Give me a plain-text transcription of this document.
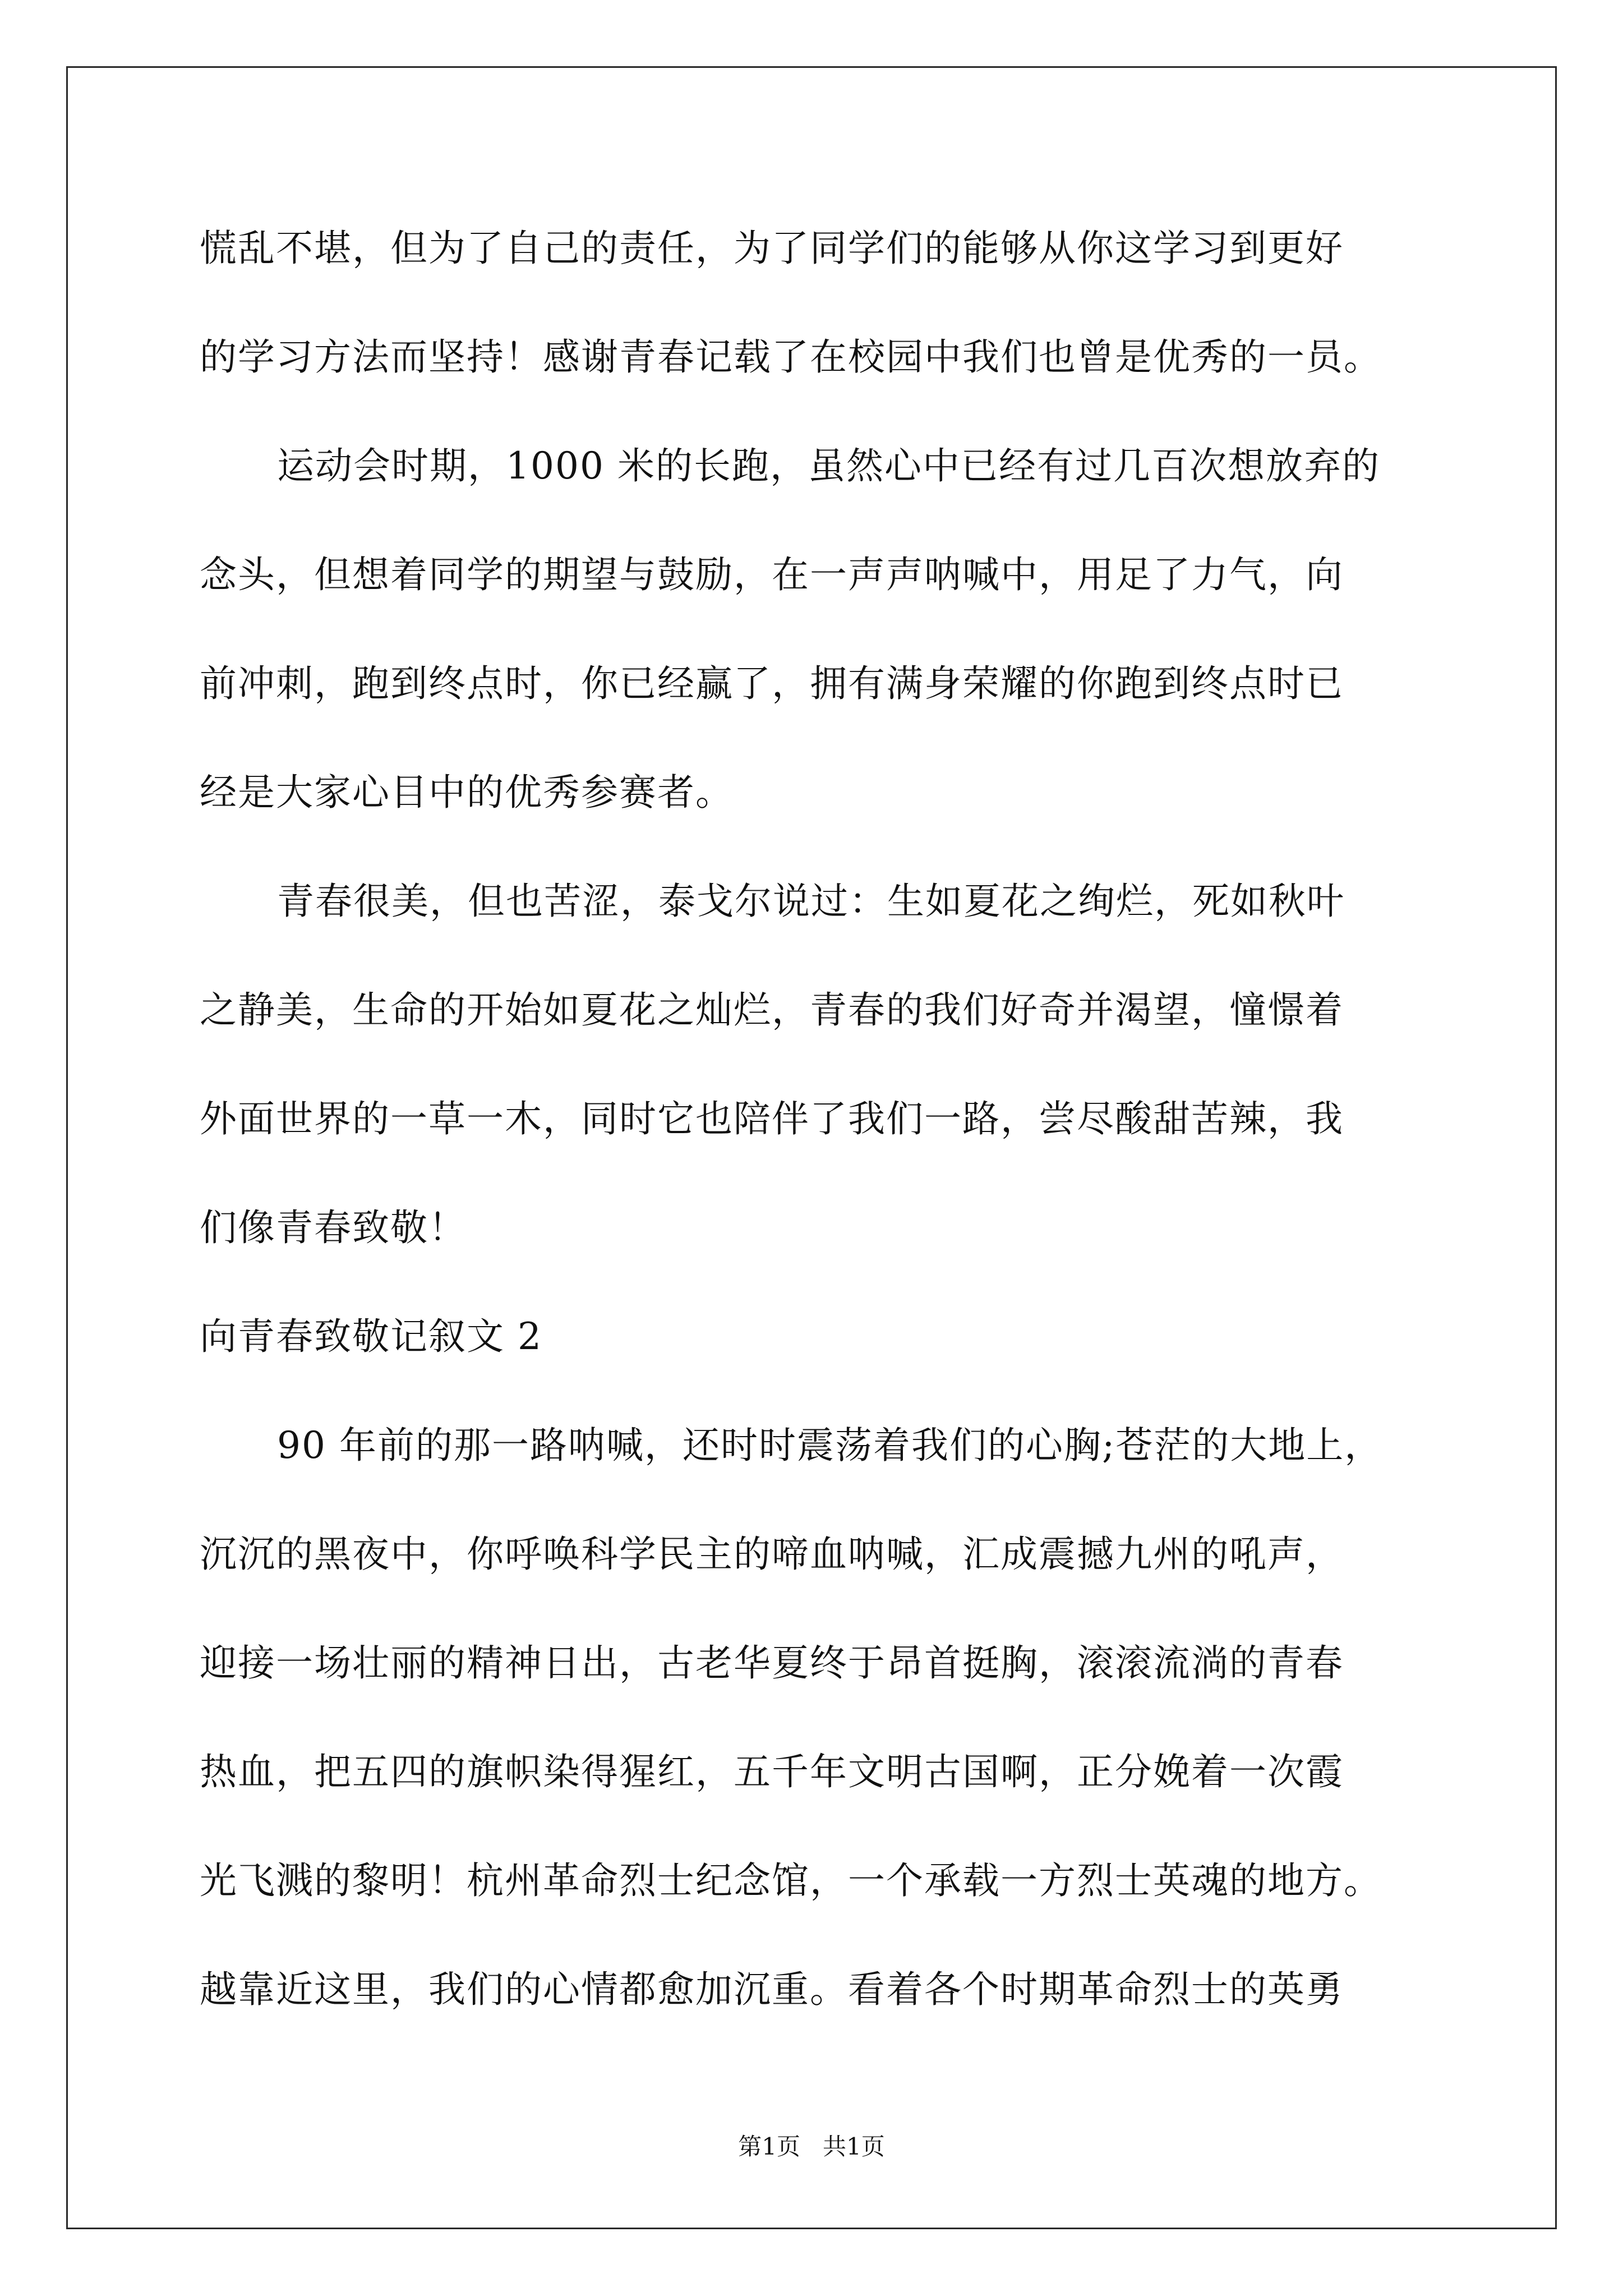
慌乱不堪，但为了自己的责任，为了同学们的能够从你这学习到更好
的学习方法而坚持！感谢青春记载了在校园中我们也曾是优秀的一员。
运动会时期，1000 米的长跑，虽然心中已经有过几百次想放弃的
念头，但想着同学的期望与鼓励，在一声声呐喊中，用足了力气，向
前冲刺，跑到终点时，你已经赢了，拥有满身荣耀的你跑到终点时已
经是大家心目中的优秀参赛者。
青春很美，但也苦涩，泰戈尔说过：生如夏花之绚烂，死如秋叶
之静美，生命的开始如夏花之灿烂，青春的我们好奇并渴望，憧憬着
外面世界的一草一木，同时它也陪伴了我们一路，尝尽酸甜苦辣，我
们像青春致敬！
向青春致敬记叙文 2
90 年前的那一路呐喊，还时时震荡着我们的心胸;苍茫的大地上，
沉沉的黑夜中，你呼唤科学民主的啼血呐喊，汇成震撼九州的吼声，
迎接一场壮丽的精神日出，古老华夏终于昂首挺胸，滚滚流淌的青春
热血，把五四的旗帜染得猩红，五千年文明古国啊，正分娩着一次霞
光飞溅的黎明！杭州革命烈士纪念馆，一个承载一方烈士英魂的地方。
越靠近这里，我们的心情都愈加沉重。看着各个时期革命烈士的英勇
第1页   共1页
